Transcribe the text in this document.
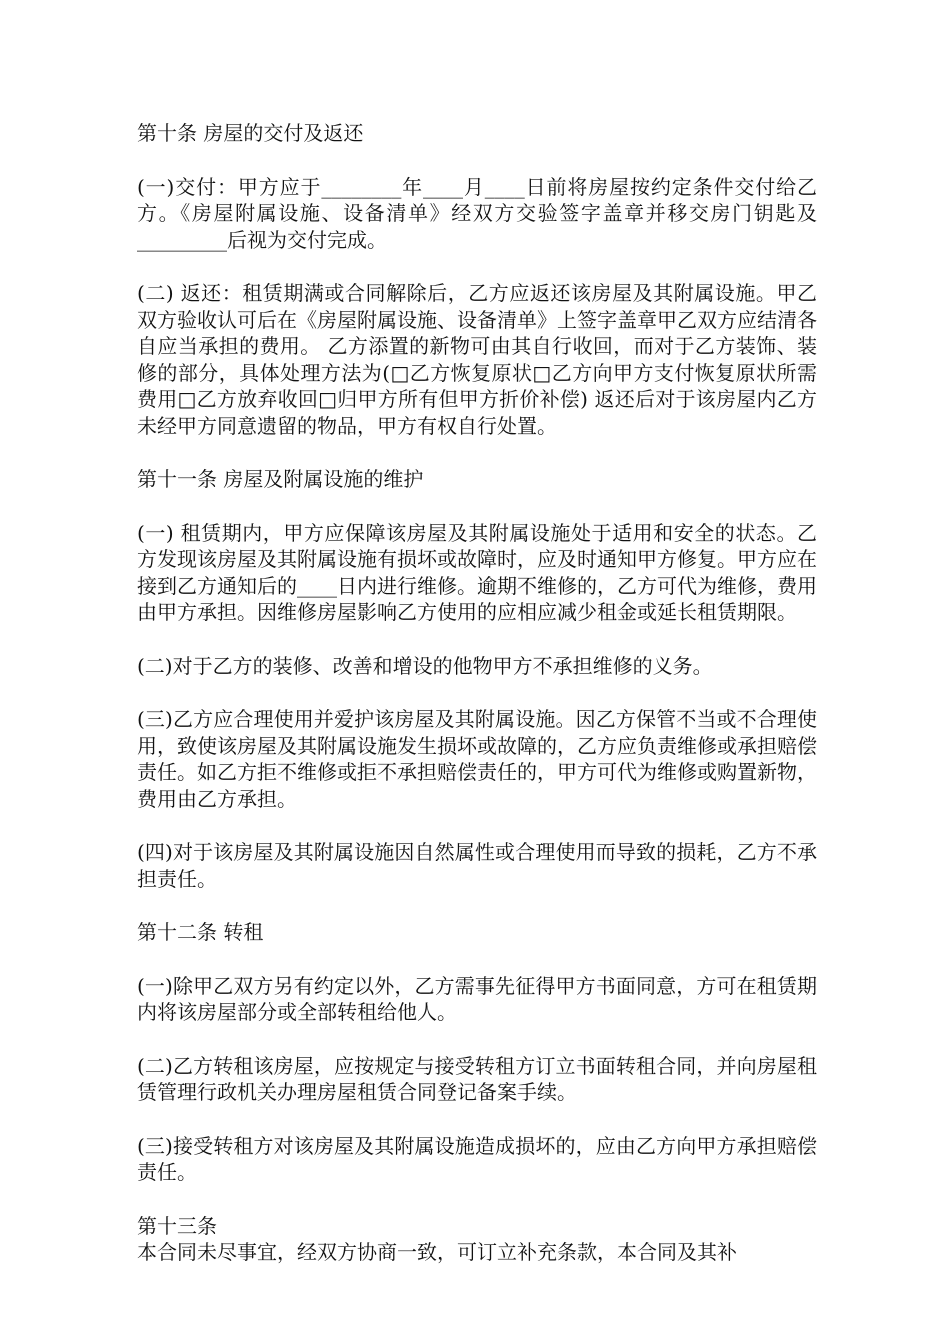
第十条 房屋的交付及返还

(一)交付：甲方应于________年____月____日前将房屋按约定条件交付给乙方。《房屋附属设施、设备清单》经双方交验签字盖章并移交房门钥匙及_________后视为交付完成。

(二) 返还：租赁期满或合同解除后，乙方应返还该房屋及其附属设施。甲乙双方验收认可后在《房屋附属设施、设备清单》上签字盖章甲乙双方应结清各自应当承担的费用。 乙方添置的新物可由其自行收回，而对于乙方装饰、装修的部分，具体处理方法为(□乙方恢复原状□乙方向甲方支付恢复原状所需费用□乙方放弃收回□归甲方所有但甲方折价补偿) 返还后对于该房屋内乙方未经甲方同意遗留的物品，甲方有权自行处置。

第十一条 房屋及附属设施的维护

(一) 租赁期内，甲方应保障该房屋及其附属设施处于适用和安全的状态。乙方发现该房屋及其附属设施有损坏或故障时，应及时通知甲方修复。甲方应在接到乙方通知后的____日内进行维修。逾期不维修的，乙方可代为维修，费用由甲方承担。因维修房屋影响乙方使用的应相应减少租金或延长租赁期限。

(二)对于乙方的装修、改善和增设的他物甲方不承担维修的义务。

(三)乙方应合理使用并爱护该房屋及其附属设施。因乙方保管不当或不合理使用，致使该房屋及其附属设施发生损坏或故障的，乙方应负责维修或承担赔偿责任。如乙方拒不维修或拒不承担赔偿责任的，甲方可代为维修或购置新物，费用由乙方承担。

(四)对于该房屋及其附属设施因自然属性或合理使用而导致的损耗，乙方不承担责任。

第十二条 转租

(一)除甲乙双方另有约定以外，乙方需事先征得甲方书面同意，方可在租赁期内将该房屋部分或全部转租给他人。

(二)乙方转租该房屋，应按规定与接受转租方订立书面转租合同，并向房屋租赁管理行政机关办理房屋租赁合同登记备案手续。

(三)接受转租方对该房屋及其附属设施造成损坏的，应由乙方向甲方承担赔偿责任。

第十三条

本合同未尽事宜，经双方协商一致，可订立补充条款，本合同及其补
